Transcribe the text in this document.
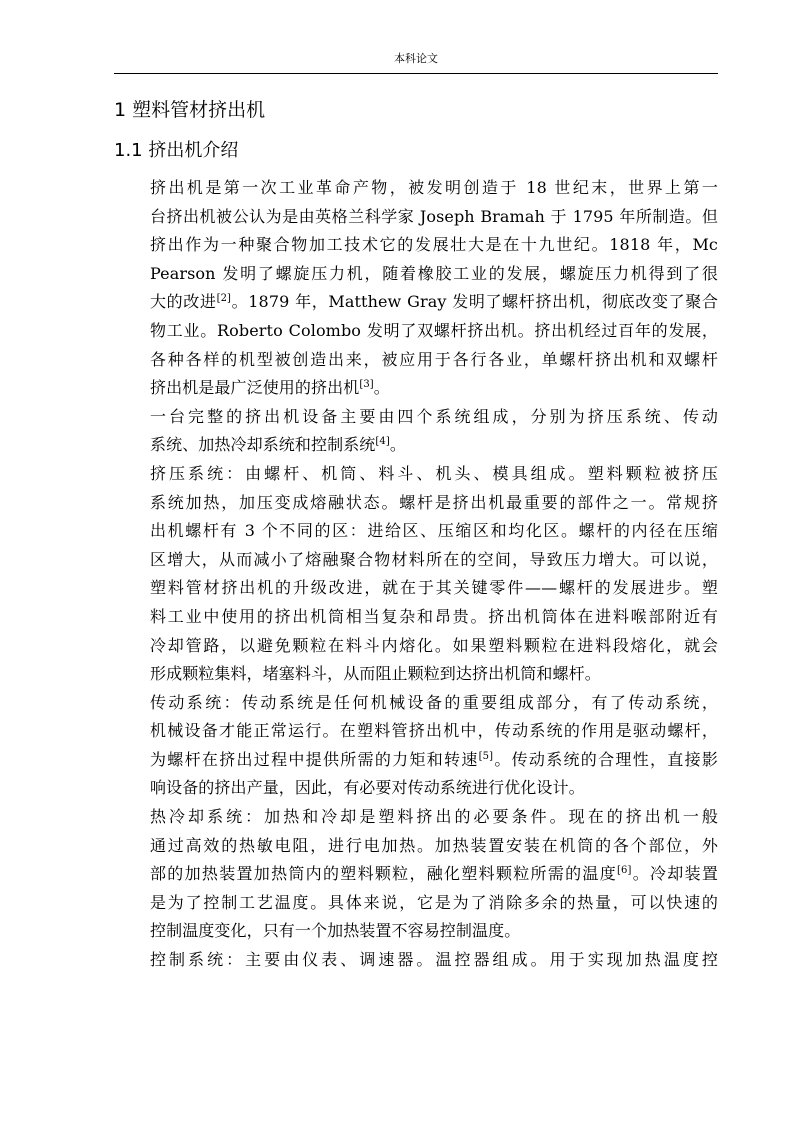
本科论文
1 塑料管材挤出机
1.1 挤出机介绍

挤出机是第一次工业革命产物，被发明创造于 18 世纪末，世界上第一
台挤出机被公认为是由英格兰科学家 Joseph Bramah 于 1795 年所制造。但
挤出作为一种聚合物加工技术它的发展壮大是在十九世纪。1818 年，Mc
Pearson 发明了螺旋压力机，随着橡胶工业的发展，螺旋压力机得到了很
大的改进[2]。1879 年，Matthew Gray 发明了螺杆挤出机，彻底改变了聚合
物工业。Roberto Colombo 发明了双螺杆挤出机。挤出机经过百年的发展，
各种各样的机型被创造出来，被应用于各行各业，单螺杆挤出机和双螺杆
挤出机是最广泛使用的挤出机[3]。

一台完整的挤出机设备主要由四个系统组成，分别为挤压系统、传动
系统、加热冷却系统和控制系统[4]。

挤压系统：由螺杆、机筒、料斗、机头、模具组成。塑料颗粒被挤压
系统加热，加压变成熔融状态。螺杆是挤出机最重要的部件之一。常规挤
出机螺杆有 3 个不同的区：进给区、压缩区和均化区。螺杆的内径在压缩
区增大，从而减小了熔融聚合物材料所在的空间，导致压力增大。可以说，
塑料管材挤出机的升级改进，就在于其关键零件——螺杆的发展进步。塑
料工业中使用的挤出机筒相当复杂和昂贵。挤出机筒体在进料喉部附近有
冷却管路，以避免颗粒在料斗内熔化。如果塑料颗粒在进料段熔化，就会
形成颗粒集料，堵塞料斗，从而阻止颗粒到达挤出机筒和螺杆。

传动系统：传动系统是任何机械设备的重要组成部分，有了传动系统，
机械设备才能正常运行。在塑料管挤出机中，传动系统的作用是驱动螺杆，
为螺杆在挤出过程中提供所需的力矩和转速[5]。传动系统的合理性，直接影
响设备的挤出产量，因此，有必要对传动系统进行优化设计。

热冷却系统：加热和冷却是塑料挤出的必要条件。现在的挤出机一般
通过高效的热敏电阻，进行电加热。加热装置安装在机筒的各个部位，外
部的加热装置加热筒内的塑料颗粒，融化塑料颗粒所需的温度[6]。冷却装置
是为了控制工艺温度。具体来说，它是为了消除多余的热量，可以快速的
控制温度变化，只有一个加热装置不容易控制温度。

控制系统：主要由仪表、调速器。温控器组成。用于实现加热温度控
